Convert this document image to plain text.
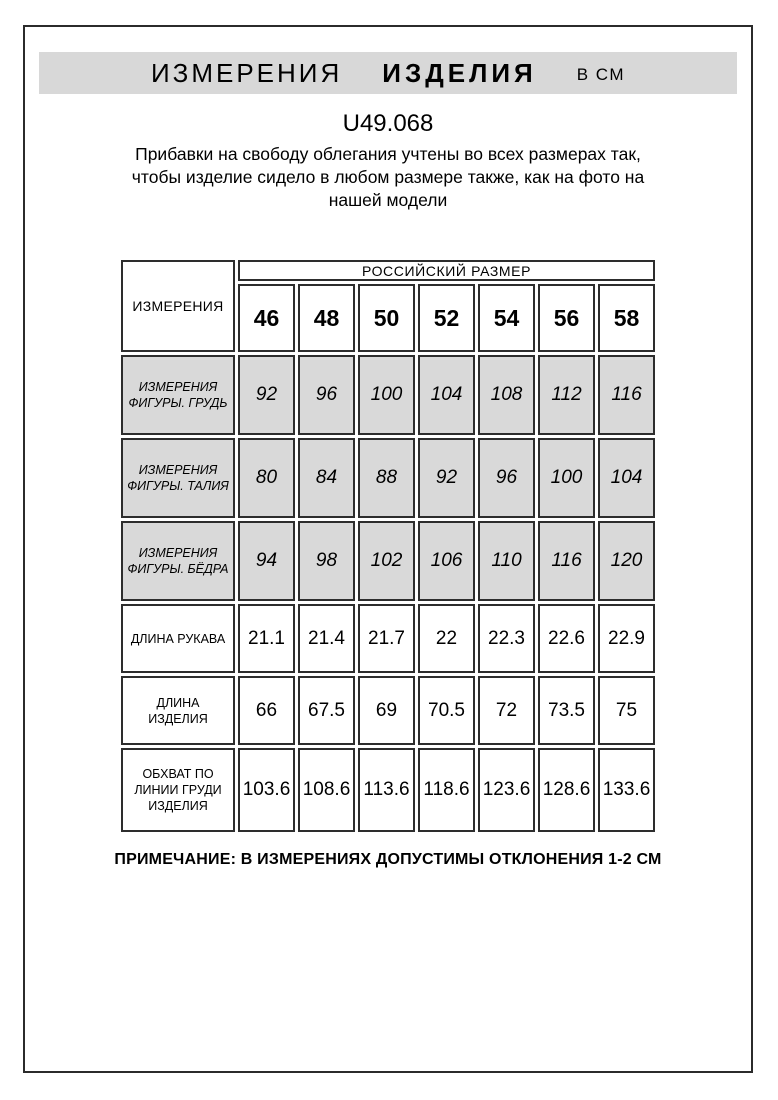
ИЗМЕРЕНИЯ ИЗДЕЛИЯ В СМ
U49.068
Прибавки на свободу облегания учтены во всех размерах так,
чтобы изделие сидело в любом размере также, как на фото на
нашей модели
ИЗМЕРЕНИЯ	РОССИЙСКИЙ РАЗМЕР						
	46	48	50	52	54	56	58
ИЗМЕРЕНИЯ ФИГУРЫ. ГРУДЬ	92	96	100	104	108	112	116
ИЗМЕРЕНИЯ ФИГУРЫ. ТАЛИЯ	80	84	88	92	96	100	104
ИЗМЕРЕНИЯ ФИГУРЫ. БЁДРА	94	98	102	106	110	116	120
ДЛИНА РУКАВА	21.1	21.4	21.7	22	22.3	22.6	22.9
ДЛИНА ИЗДЕЛИЯ	66	67.5	69	70.5	72	73.5	75
ОБХВАТ ПО ЛИНИИ ГРУДИ ИЗДЕЛИЯ	103.6	108.6	113.6	118.6	123.6	128.6	133.6
ПРИМЕЧАНИЕ: В ИЗМЕРЕНИЯХ ДОПУСТИМЫ ОТКЛОНЕНИЯ 1-2 СМ
